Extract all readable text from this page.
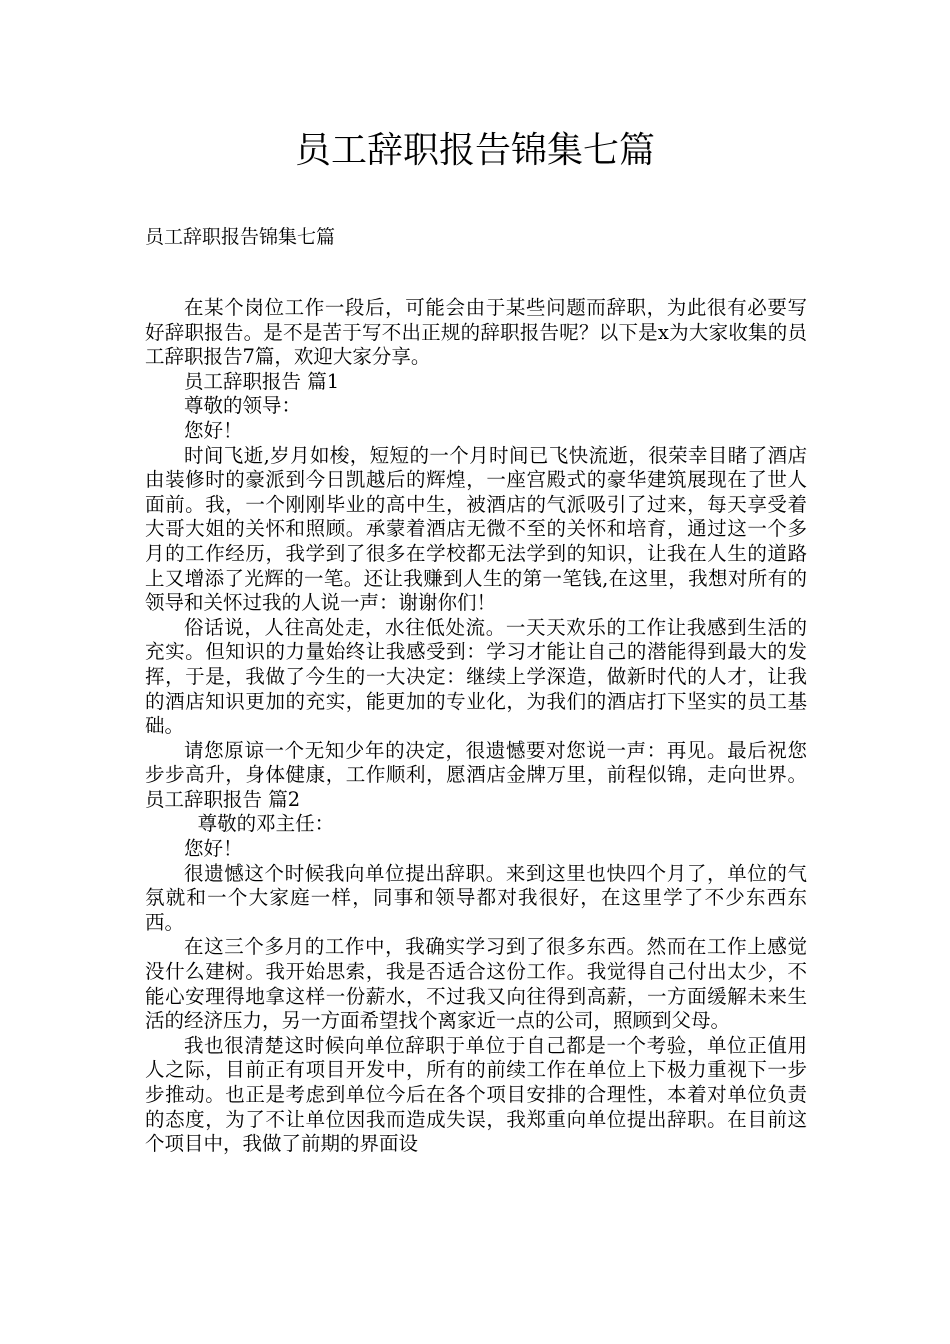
员工辞职报告锦集七篇
员工辞职报告锦集七篇

在某个岗位工作一段后，可能会由于某些问题而辞职，为此很有必要写好辞职报告。是不是苦于写不出正规的辞职报告呢？以下是x为大家收集的员工辞职报告7篇，欢迎大家分享。

员工辞职报告 篇1

尊敬的领导：

您好！

时间飞逝,岁月如梭，短短的一个月时间已飞快流逝，很荣幸目睹了酒店由装修时的豪派到今日凯越后的辉煌，一座宫殿式的豪华建筑展现在了世人面前。我，一个刚刚毕业的高中生，被酒店的气派吸引了过来，每天享受着大哥大姐的关怀和照顾。承蒙着酒店无微不至的关怀和培育，通过这一个多月的工作经历，我学到了很多在学校都无法学到的知识，让我在人生的道路上又增添了光辉的一笔。还让我赚到人生的第一笔钱,在这里，我想对所有的领导和关怀过我的人说一声：谢谢你们！

俗话说，人往高处走，水往低处流。一天天欢乐的工作让我感到生活的充实。但知识的力量始终让我感受到：学习才能让自己的潜能得到最大的发挥，于是，我做了今生的一大决定：继续上学深造，做新时代的人才，让我的酒店知识更加的充实，能更加的专业化，为我们的酒店打下坚实的员工基础。

请您原谅一个无知少年的决定，很遗憾要对您说一声：再见。最后祝您步步高升，身体健康，工作顺利，愿酒店金牌万里，前程似锦，走向世界。员工辞职报告 篇2

尊敬的邓主任：

您好！

很遗憾这个时候我向单位提出辞职。来到这里也快四个月了，单位的气氛就和一个大家庭一样，同事和领导都对我很好，在这里学了不少东西东西。

在这三个多月的工作中，我确实学习到了很多东西。然而在工作上感觉没什么建树。我开始思索，我是否适合这份工作。我觉得自己付出太少，不能心安理得地拿这样一份薪水，不过我又向往得到高薪，一方面缓解未来生活的经济压力，另一方面希望找个离家近一点的公司，照顾到父母。

我也很清楚这时候向单位辞职于单位于自己都是一个考验，单位正值用人之际，目前正有项目开发中，所有的前续工作在单位上下极力重视下一步步推动。也正是考虑到单位今后在各个项目安排的合理性，本着对单位负责的态度，为了不让单位因我而造成失误，我郑重向单位提出辞职。在目前这个项目中，我做了前期的界面设
